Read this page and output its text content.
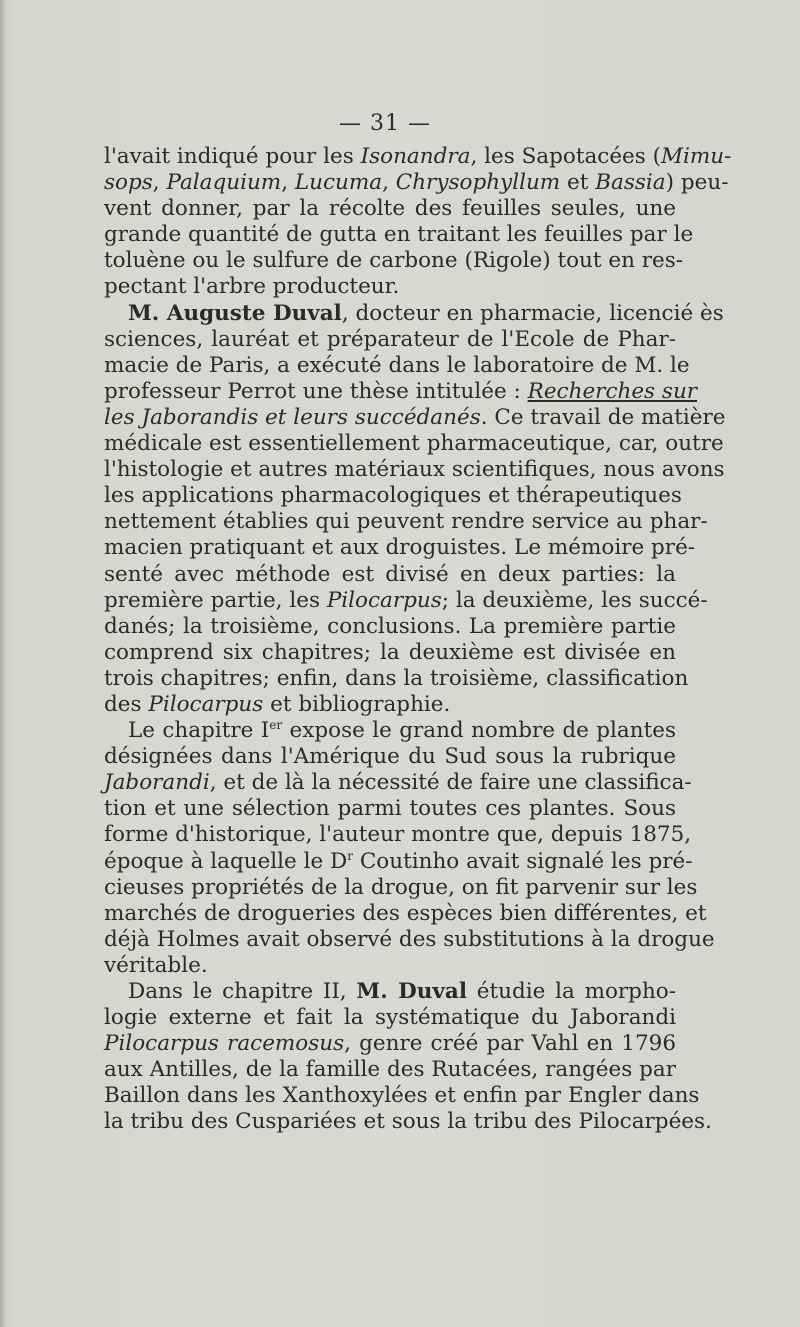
— 31 —
l'avait indiqué pour les Isonandra, les Sapotacées (Mimu-
sops, Palaquium, Lucuma, Chrysophyllum et Bassia) peu-
vent donner, par la récolte des feuilles seules, une
grande quantité de gutta en traitant les feuilles par le
toluène ou le sulfure de carbone (Rigole) tout en res-
pectant l'arbre producteur.
M. Auguste Duval, docteur en pharmacie, licencié ès
sciences, lauréat et préparateur de l'Ecole de Phar-
macie de Paris, a exécuté dans le laboratoire de M. le
professeur Perrot une thèse intitulée : Recherches sur
les Jaborandis et leurs succédanés. Ce travail de matière
médicale est essentiellement pharmaceutique, car, outre
l'histologie et autres matériaux scientifiques, nous avons
les applications pharmacologiques et thérapeutiques
nettement établies qui peuvent rendre service au phar-
macien pratiquant et aux droguistes. Le mémoire pré-
senté avec méthode est divisé en deux parties: la
première partie, les Pilocarpus; la deuxième, les succé-
danés; la troisième, conclusions. La première partie
comprend six chapitres; la deuxième est divisée en
trois chapitres; enfin, dans la troisième, classification
des Pilocarpus et bibliographie.
Le chapitre Ier expose le grand nombre de plantes
désignées dans l'Amérique du Sud sous la rubrique
Jaborandi, et de là la nécessité de faire une classifica-
tion et une sélection parmi toutes ces plantes. Sous
forme d'historique, l'auteur montre que, depuis 1875,
époque à laquelle le $D^r$ Coutinho avait signalé les pré-
cieuses propriétés de la drogue, on fit parvenir sur les
marchés de drogueries des espèces bien différentes, et
déjà Holmes avait observé des substitutions à la drogue
véritable.
Dans le chapitre II, M. Duval étudie la morpho-
logie externe et fait la systématique du Jaborandi
Pilocarpus racemosus, genre créé par Vahl en 1796
aux Antilles, de la famille des Rutacées, rangées par
Baillon dans les Xanthoxylées et enfin par Engler dans
la tribu des Cuspariées et sous la tribu des Pilocarpées.
